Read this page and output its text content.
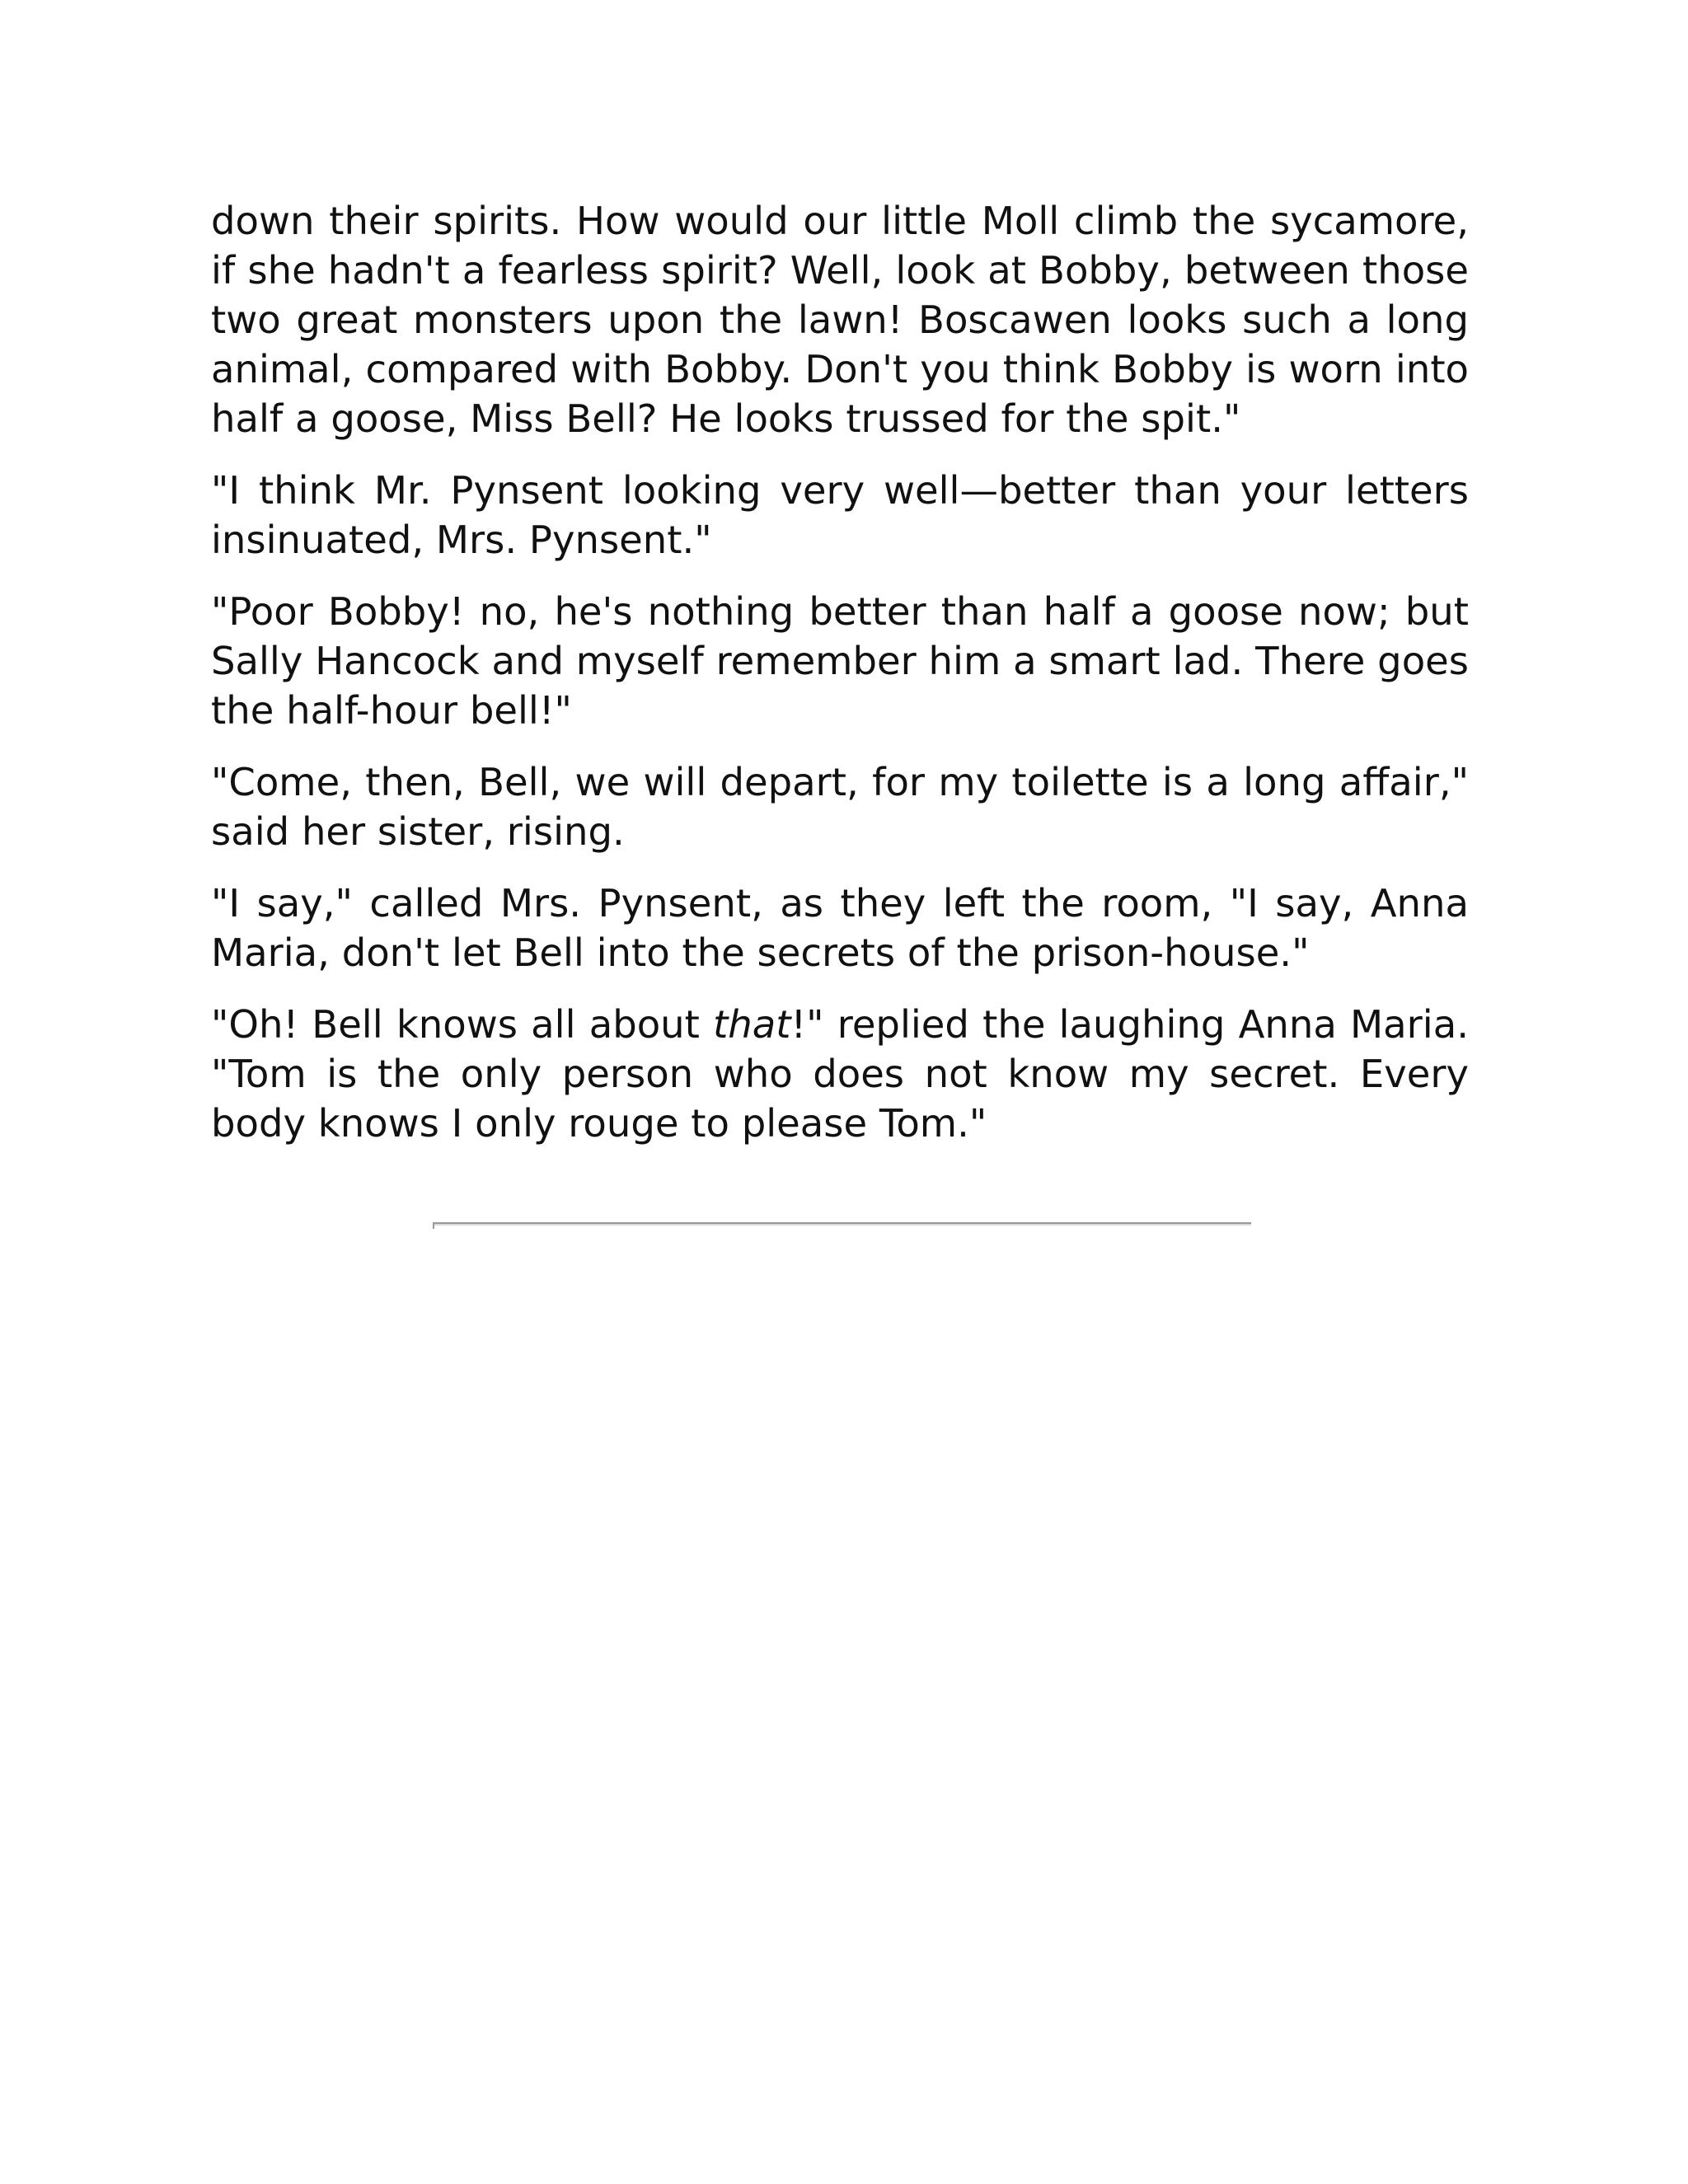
down their spirits. How would our little Moll climb the sycamore, if she hadn't a fearless spirit? Well, look at Bobby, between those two great monsters upon the lawn! Boscawen looks such a long animal, compared with Bobby. Don't you think Bobby is worn into half a goose, Miss Bell? He looks trussed for the spit."

"I think Mr. Pynsent looking very well—better than your letters insinuated, Mrs. Pynsent."

"Poor Bobby! no, he's nothing better than half a goose now; but Sally Hancock and myself remember him a smart lad. There goes the half-hour bell!"

"Come, then, Bell, we will depart, for my toilette is a long affair," said her sister, rising.

"I say," called Mrs. Pynsent, as they left the room, "I say, Anna Maria, don't let Bell into the secrets of the prison-house."

"Oh! Bell knows all about that!" replied the laughing Anna Maria. "Tom is the only person who does not know my secret. Every body knows I only rouge to please Tom."
